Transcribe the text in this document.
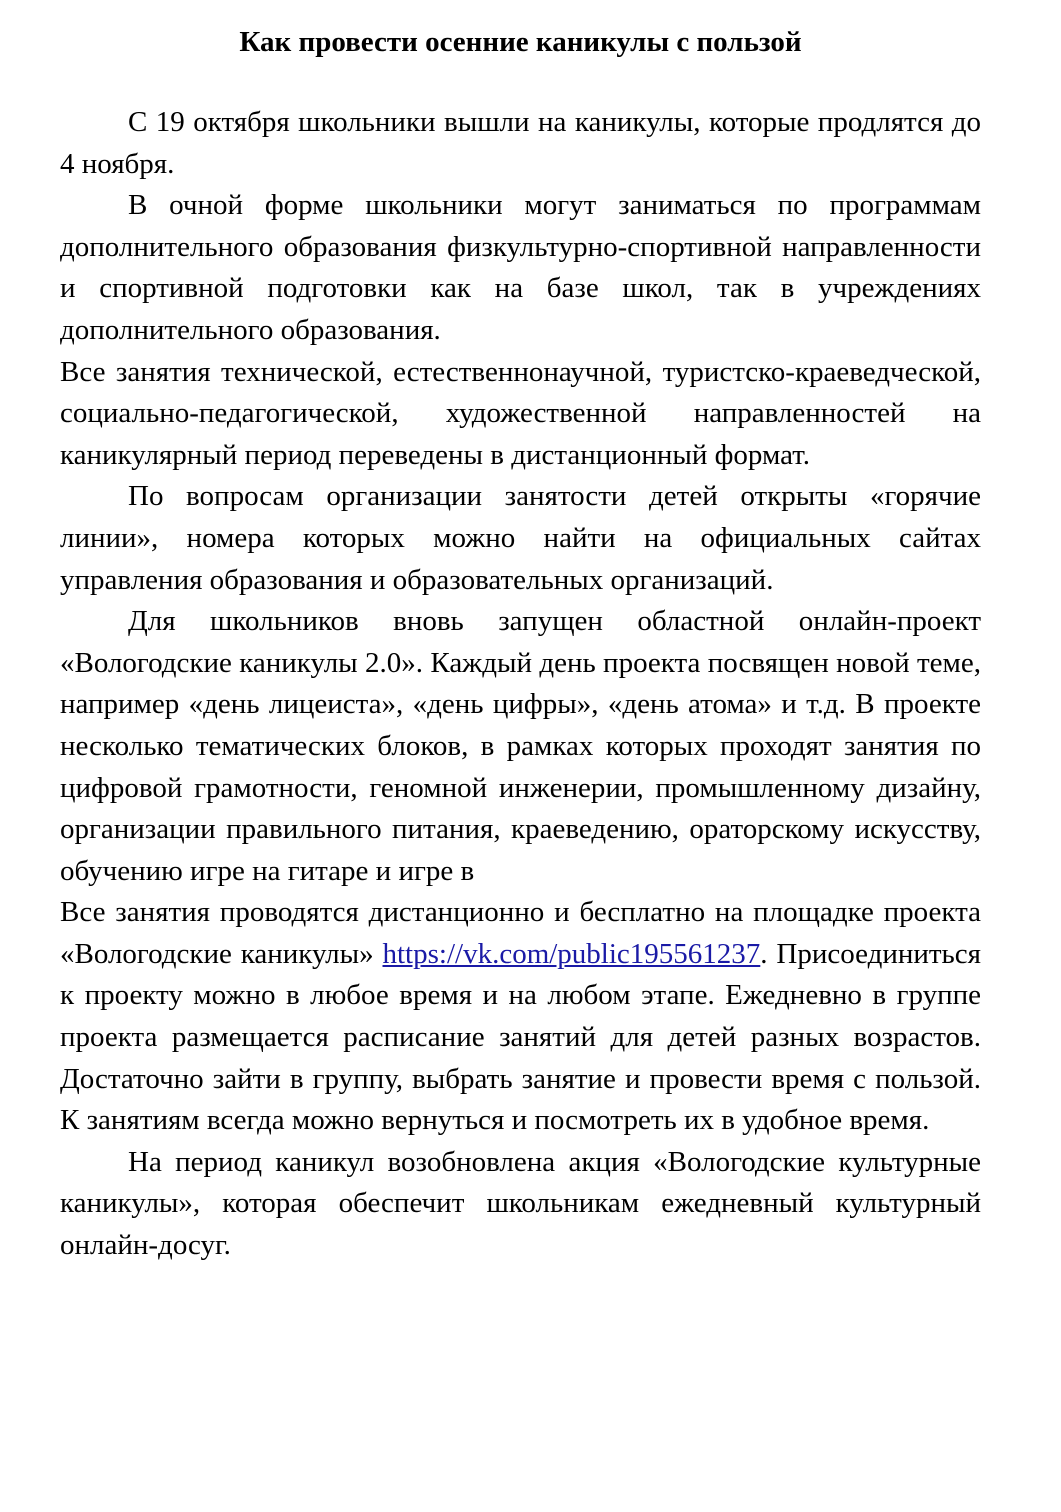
Как провести осенние каникулы с пользой

С 19 октября школьники вышли на каникулы, которые продлятся до 4 ноября.

В очной форме школьники могут заниматься по программам дополнительного образования физкультурно-спортивной направленности и спортивной подготовки как на базе школ, так в учреждениях дополнительного образования.

Все занятия технической, естественнонаучной, туристско-краеведческой, социально-педагогической, художественной направленностей на каникулярный период переведены в дистанционный формат.

По вопросам организации занятости детей открыты «горячие линии», номера которых можно найти на официальных сайтах управления образования и образовательных организаций.

Для школьников вновь запущен областной онлайн-проект «Вологодские каникулы 2.0». Каждый день проекта посвящен новой теме, например «день лицеиста», «день цифры», «день атома» и т.д. В проекте несколько тематических блоков, в рамках которых проходят занятия по цифровой грамотности, геномной инженерии, промышленному дизайну, организации правильного питания, краеведению, ораторскому искусству, обучению игре на гитаре и игре в

Все занятия проводятся дистанционно и бесплатно на площадке проекта «Вологодские каникулы» https://vk.com/public195561237. Присоединиться к проекту можно в любое время и на любом этапе. Ежедневно в группе проекта размещается расписание занятий для детей разных возрастов. Достаточно зайти в группу, выбрать занятие и провести время с пользой. К занятиям всегда можно вернуться и посмотреть их в удобное время.

На период каникул возобновлена акция «Вологодские культурные каникулы», которая обеспечит школьникам ежедневный культурный онлайн-досуг.
